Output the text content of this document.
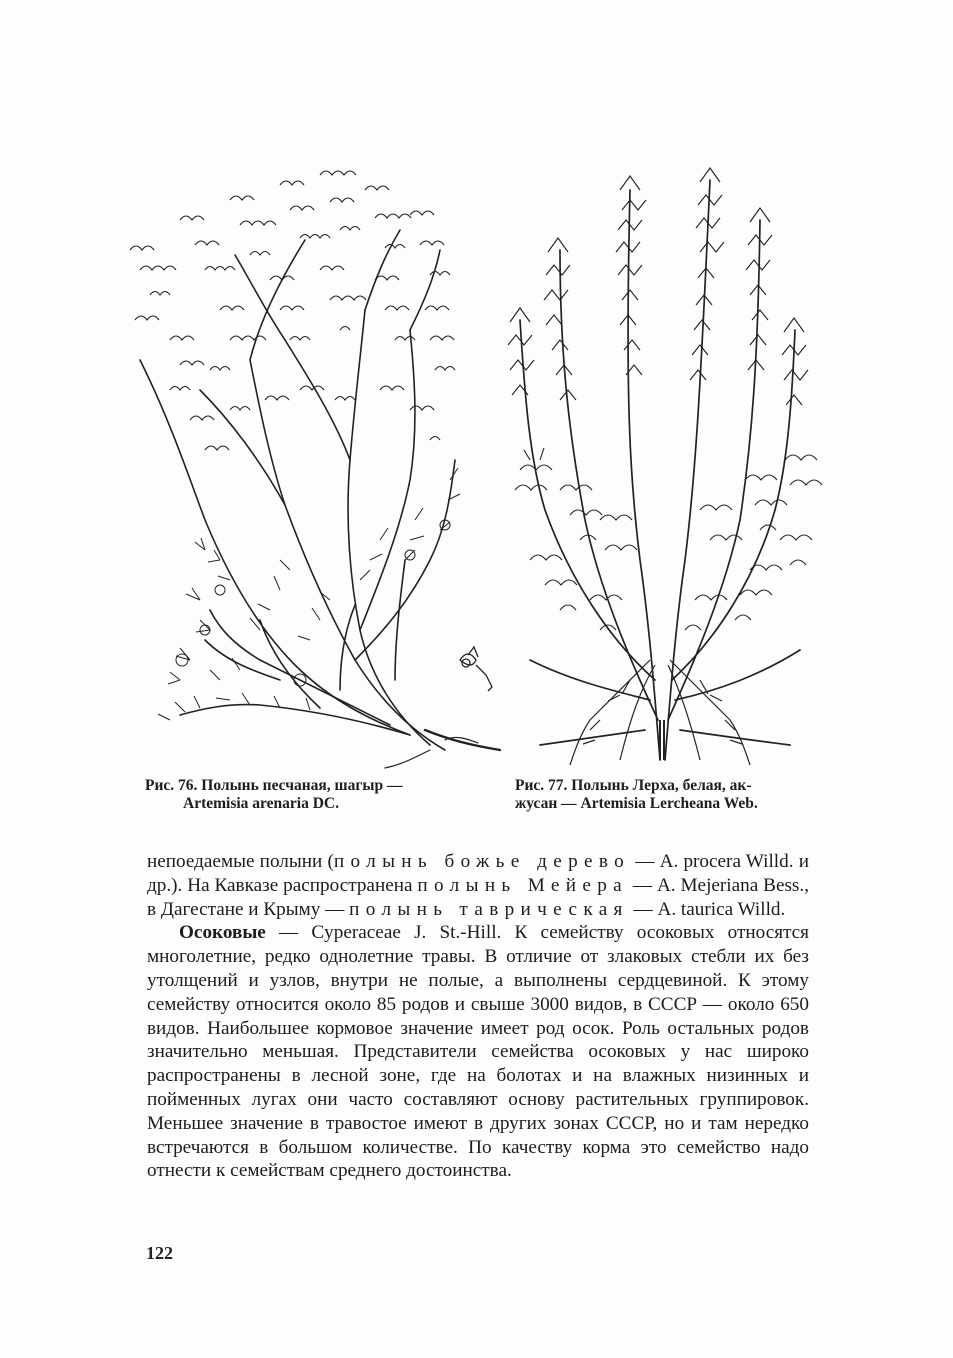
Рис. 76. Полынь песчаная, шагыр —
Artemisia arenaria DC.
Рис. 77. Полынь Лерха, белая, ак-
жусан — Artemisia Lercheana Web.

непоедаемые полыни (полынь божье дерево — A. procera Willd. и др.). На Кавказе распространена полынь Мейера — A. Mejeriana Bess., в Дагестане и Крыму — полынь таврическая — A. taurica Willd.

Осоковые — Cyperaceae J. St.-Hill. К семейству осоковых относятся многолетние, редко однолетние травы. В отличие от злаковых стебли их без утолщений и узлов, внутри не полые, а выполнены сердцевиной. К этому семейству относится около 85 родов и свыше 3000 видов, в СССР — около 650 видов. Наибольшее кормовое значение имеет род осок. Роль остальных родов значительно меньшая. Представители семейства осоковых у нас широко распространены в лесной зоне, где на болотах и на влажных низинных и пойменных лугах они часто составляют основу растительных группировок. Меньшее значение в травостое имеют в других зонах СССР, но и там нередко встречаются в большом количестве. По качеству корма это семейство надо отнести к семействам среднего достоинства.

122
